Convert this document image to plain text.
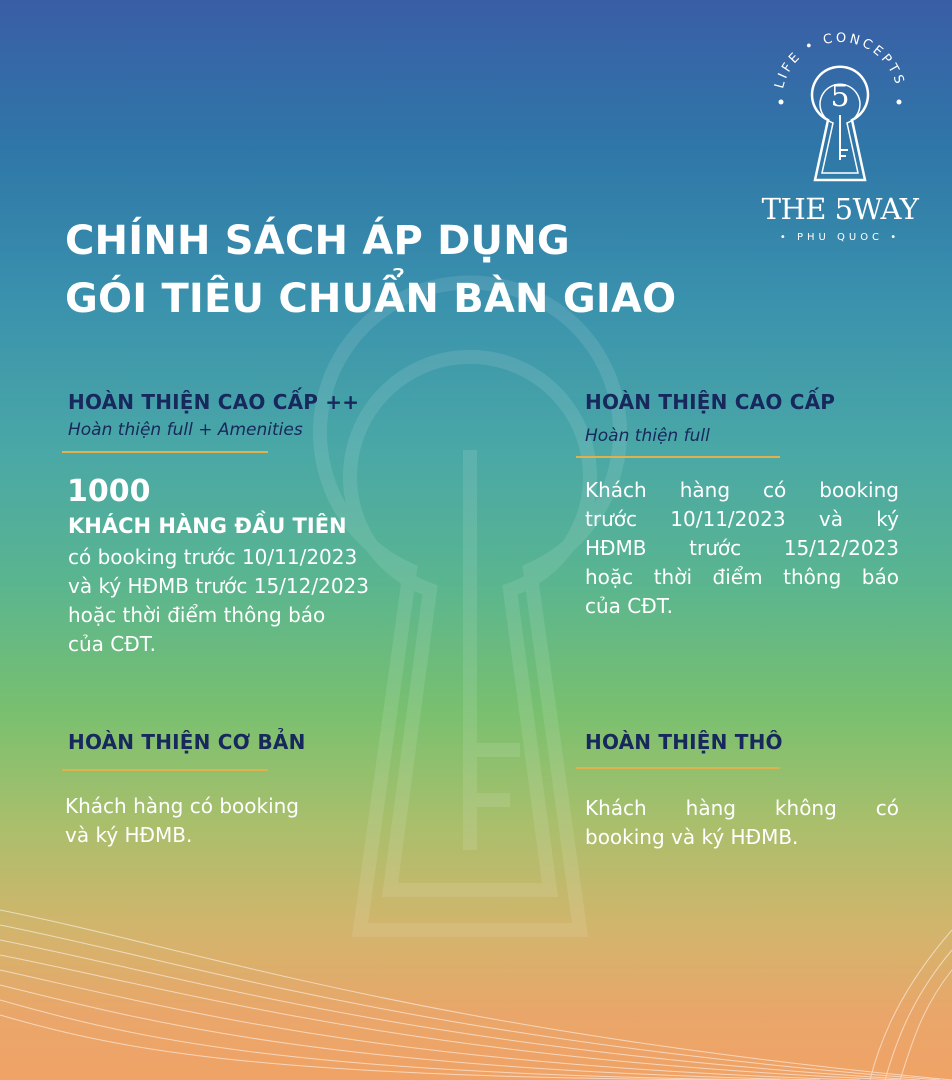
LIFE • CONCEPTS
5
THE 5WAY
• PHU QUOC •
CHÍNH SÁCH ÁP DỤNG
GÓI TIÊU CHUẨN BÀN GIAO
HOÀN THIỆN CAO CẤP ++

Hoàn thiện full + Amenities

1000

KHÁCH HÀNG ĐẦU TIÊN

có booking trước 10/11/2023
và ký HĐMB trước 15/12/2023
hoặc thời điểm thông báo
của CĐT.
HOÀN THIỆN CAO CẤP

Hoàn thiện full

Khách hàng có booking
trước 10/11/2023 và ký
HĐMB trước 15/12/2023
hoặc thời điểm thông báo
của CĐT.
HOÀN THIỆN CƠ BẢN
Khách hàng có booking
và ký HĐMB.
HOÀN THIỆN THÔ
Khách hàng không có
booking và ký HĐMB.
